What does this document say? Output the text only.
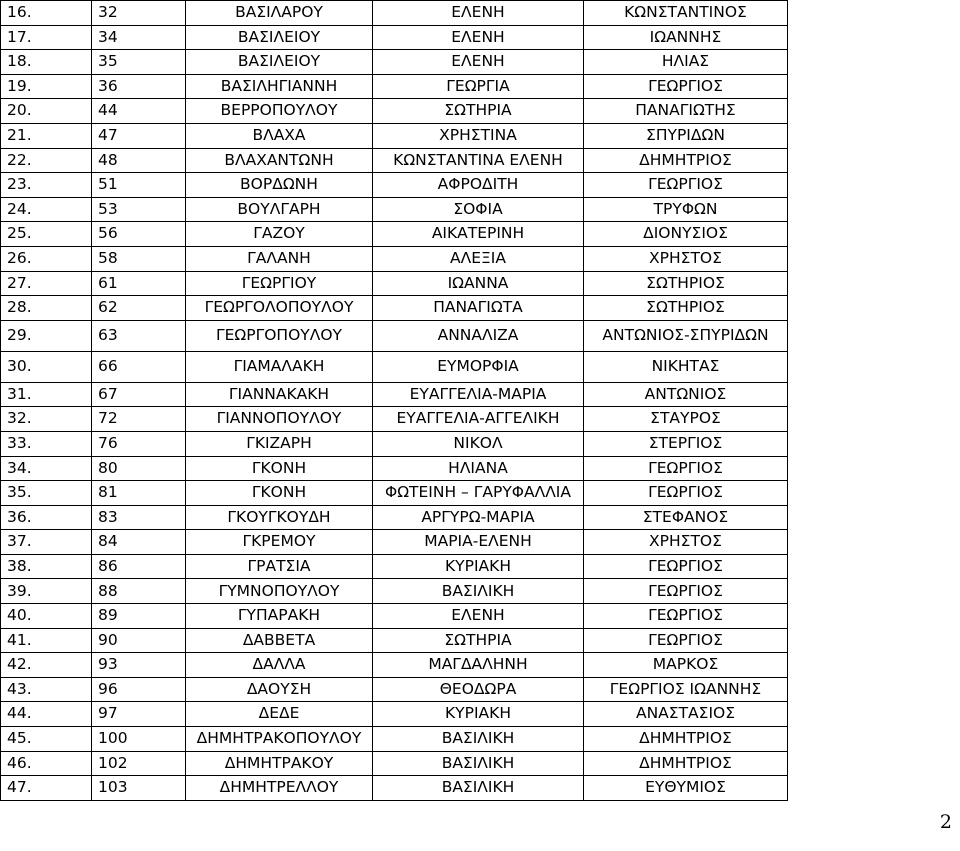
16.	32	ΒΑΣΙΛΑΡΟΥ	ΕΛΕΝΗ	ΚΩΝΣΤΑΝΤΙΝΟΣ
17.	34	ΒΑΣΙΛΕΙΟΥ	ΕΛΕΝΗ	ΙΩΑΝΝΗΣ
18.	35	ΒΑΣΙΛΕΙΟΥ	ΕΛΕΝΗ	ΗΛΙΑΣ
19.	36	ΒΑΣΙΛΗΓΙΑΝΝΗ	ΓΕΩΡΓΙΑ	ΓΕΩΡΓΙΟΣ
20.	44	ΒΕΡΡΟΠΟΥΛΟΥ	ΣΩΤΗΡΙΑ	ΠΑΝΑΓΙΩΤΗΣ
21.	47	ΒΛΑΧΑ	ΧΡΗΣΤΙΝΑ	ΣΠΥΡΙΔΩΝ
22.	48	ΒΛΑΧΑΝΤΩΝΗ	ΚΩΝΣΤΑΝΤΙΝΑ ΕΛΕΝΗ	ΔΗΜΗΤΡΙΟΣ
23.	51	ΒΟΡΔΩΝΗ	ΑΦΡΟΔΙΤΗ	ΓΕΩΡΓΙΟΣ
24.	53	ΒΟΥΛΓΑΡΗ	ΣΟΦΙΑ	ΤΡΥΦΩΝ
25.	56	ΓΑΖΟΥ	ΑΙΚΑΤΕΡΙΝΗ	ΔΙΟΝΥΣΙΟΣ
26.	58	ΓΑΛΑΝΗ	ΑΛΕΞΙΑ	ΧΡΗΣΤΟΣ
27.	61	ΓΕΩΡΓΙΟΥ	ΙΩΑΝΝΑ	ΣΩΤΗΡΙΟΣ
28.	62	ΓΕΩΡΓΟΛΟΠΟΥΛΟΥ	ΠΑΝΑΓΙΩΤΑ	ΣΩΤΗΡΙΟΣ
29.	63	ΓΕΩΡΓΟΠΟΥΛΟΥ	ΑΝΝΑΛΙΖΑ	ΑΝΤΩΝΙΟΣ-ΣΠΥΡΙΔΩΝ
30.	66	ΓΙΑΜΑΛΑΚΗ	ΕΥΜΟΡΦΙΑ	ΝΙΚΗΤΑΣ
31.	67	ΓΙΑΝΝΑΚΑΚΗ	ΕΥΑΓΓΕΛΙΑ-ΜΑΡΙΑ	ΑΝΤΩΝΙΟΣ
32.	72	ΓΙΑΝΝΟΠΟΥΛΟΥ	ΕΥΑΓΓΕΛΙΑ-ΑΓΓΕΛΙΚΗ	ΣΤΑΥΡΟΣ
33.	76	ΓΚΙΖΑΡΗ	ΝΙΚΟΛ	ΣΤΕΡΓΙΟΣ
34.	80	ΓΚΟΝΗ	ΗΛΙΑΝΑ	ΓΕΩΡΓΙΟΣ
35.	81	ΓΚΟΝΗ	ΦΩΤΕΙΝΗ – ΓΑΡΥΦΑΛΛΙΑ	ΓΕΩΡΓΙΟΣ
36.	83	ΓΚΟΥΓΚΟΥΔΗ	ΑΡΓΥΡΩ-ΜΑΡΙΑ	ΣΤΕΦΑΝΟΣ
37.	84	ΓΚΡΕΜΟΥ	ΜΑΡΙΑ-ΕΛΕΝΗ	ΧΡΗΣΤΟΣ
38.	86	ΓΡΑΤΣΙΑ	ΚΥΡΙΑΚΗ	ΓΕΩΡΓΙΟΣ
39.	88	ΓΥΜΝΟΠΟΥΛΟΥ	ΒΑΣΙΛΙΚΗ	ΓΕΩΡΓΙΟΣ
40.	89	ΓΥΠΑΡΑΚΗ	ΕΛΕΝΗ	ΓΕΩΡΓΙΟΣ
41.	90	ΔΑΒΒΕΤΑ	ΣΩΤΗΡΙΑ	ΓΕΩΡΓΙΟΣ
42.	93	ΔΑΛΛΑ	ΜΑΓΔΑΛΗΝΗ	ΜΑΡΚΟΣ
43.	96	ΔΑΟΥΣΗ	ΘΕΟΔΩΡΑ	ΓΕΩΡΓΙΟΣ ΙΩΑΝΝΗΣ
44.	97	ΔΕΔΕ	ΚΥΡΙΑΚΗ	ΑΝΑΣΤΑΣΙΟΣ
45.	100	ΔΗΜΗΤΡΑΚΟΠΟΥΛΟΥ	ΒΑΣΙΛΙΚΗ	ΔΗΜΗΤΡΙΟΣ
46.	102	ΔΗΜΗΤΡΑΚΟΥ	ΒΑΣΙΛΙΚΗ	ΔΗΜΗΤΡΙΟΣ
47.	103	ΔΗΜΗΤΡΕΛΛΟΥ	ΒΑΣΙΛΙΚΗ	ΕΥΘΥΜΙΟΣ
2
